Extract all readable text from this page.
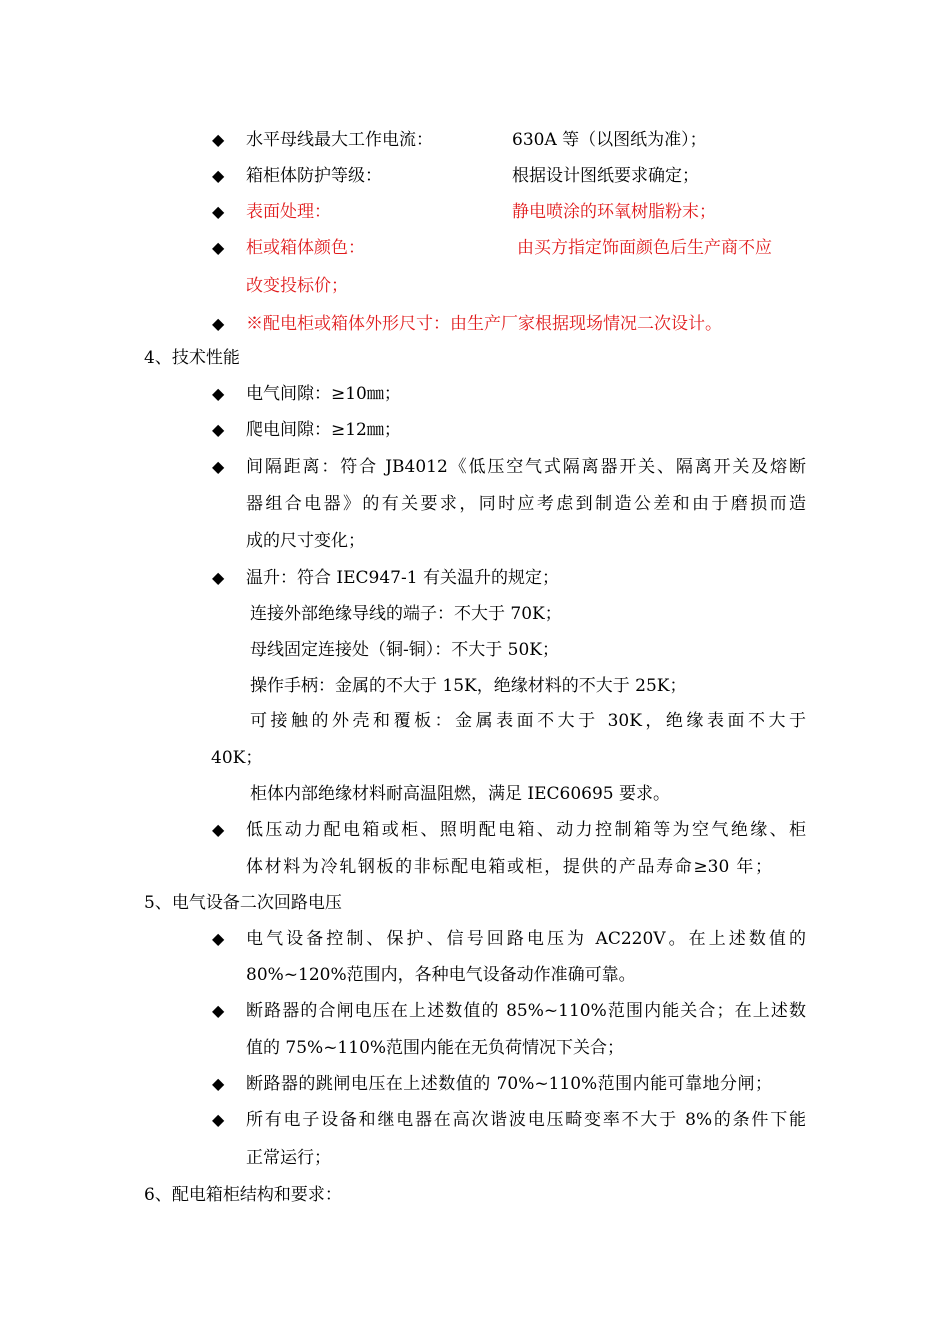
◆	水平母线最大工作电流：	630A 等（以图纸为准）；
◆	箱柜体防护等级：	根据设计图纸要求确定；
◆	表面处理：	静电喷涂的环氧树脂粉末；
◆	柜或箱体颜色：	由买方指定饰面颜色后生产商不应
改变投标价；
◆	※配电柜或箱体外形尺寸：由生产厂家根据现场情况二次设计。
4、技术性能
◆	电气间隙：≥10㎜；
◆	爬电间隙：≥12㎜；
◆	间隔距离：符合 JB4012《低压空气式隔离器开关、隔离开关及熔断
器组合电器》的有关要求，同时应考虑到制造公差和由于磨损而造
成的尺寸变化；
◆	温升：符合 IEC947-1 有关温升的规定；
连接外部绝缘导线的端子：不大于 70K；
母线固定连接处（铜-铜）：不大于 50K；
操作手柄：金属的不大于 15K，绝缘材料的不大于 25K；
可接触的外壳和覆板：金属表面不大于 30K，绝缘表面不大于
40K；
柜体内部绝缘材料耐高温阻燃，满足 IEC60695 要求。
◆	低压动力配电箱或柜、照明配电箱、动力控制箱等为空气绝缘、柜
体材料为冷轧钢板的非标配电箱或柜，提供的产品寿命≥30 年；
5、电气设备二次回路电压
◆	电气设备控制、保护、信号回路电压为 AC220V。在上述数值的
80%~120%范围内，各种电气设备动作准确可靠。
◆	断路器的合闸电压在上述数值的 85%~110%范围内能关合；在上述数
值的 75%~110%范围内能在无负荷情况下关合；
◆	断路器的跳闸电压在上述数值的 70%~110%范围内能可靠地分闸；
◆	所有电子设备和继电器在高次谐波电压畸变率不大于 8%的条件下能
正常运行；
6、配电箱柜结构和要求：
